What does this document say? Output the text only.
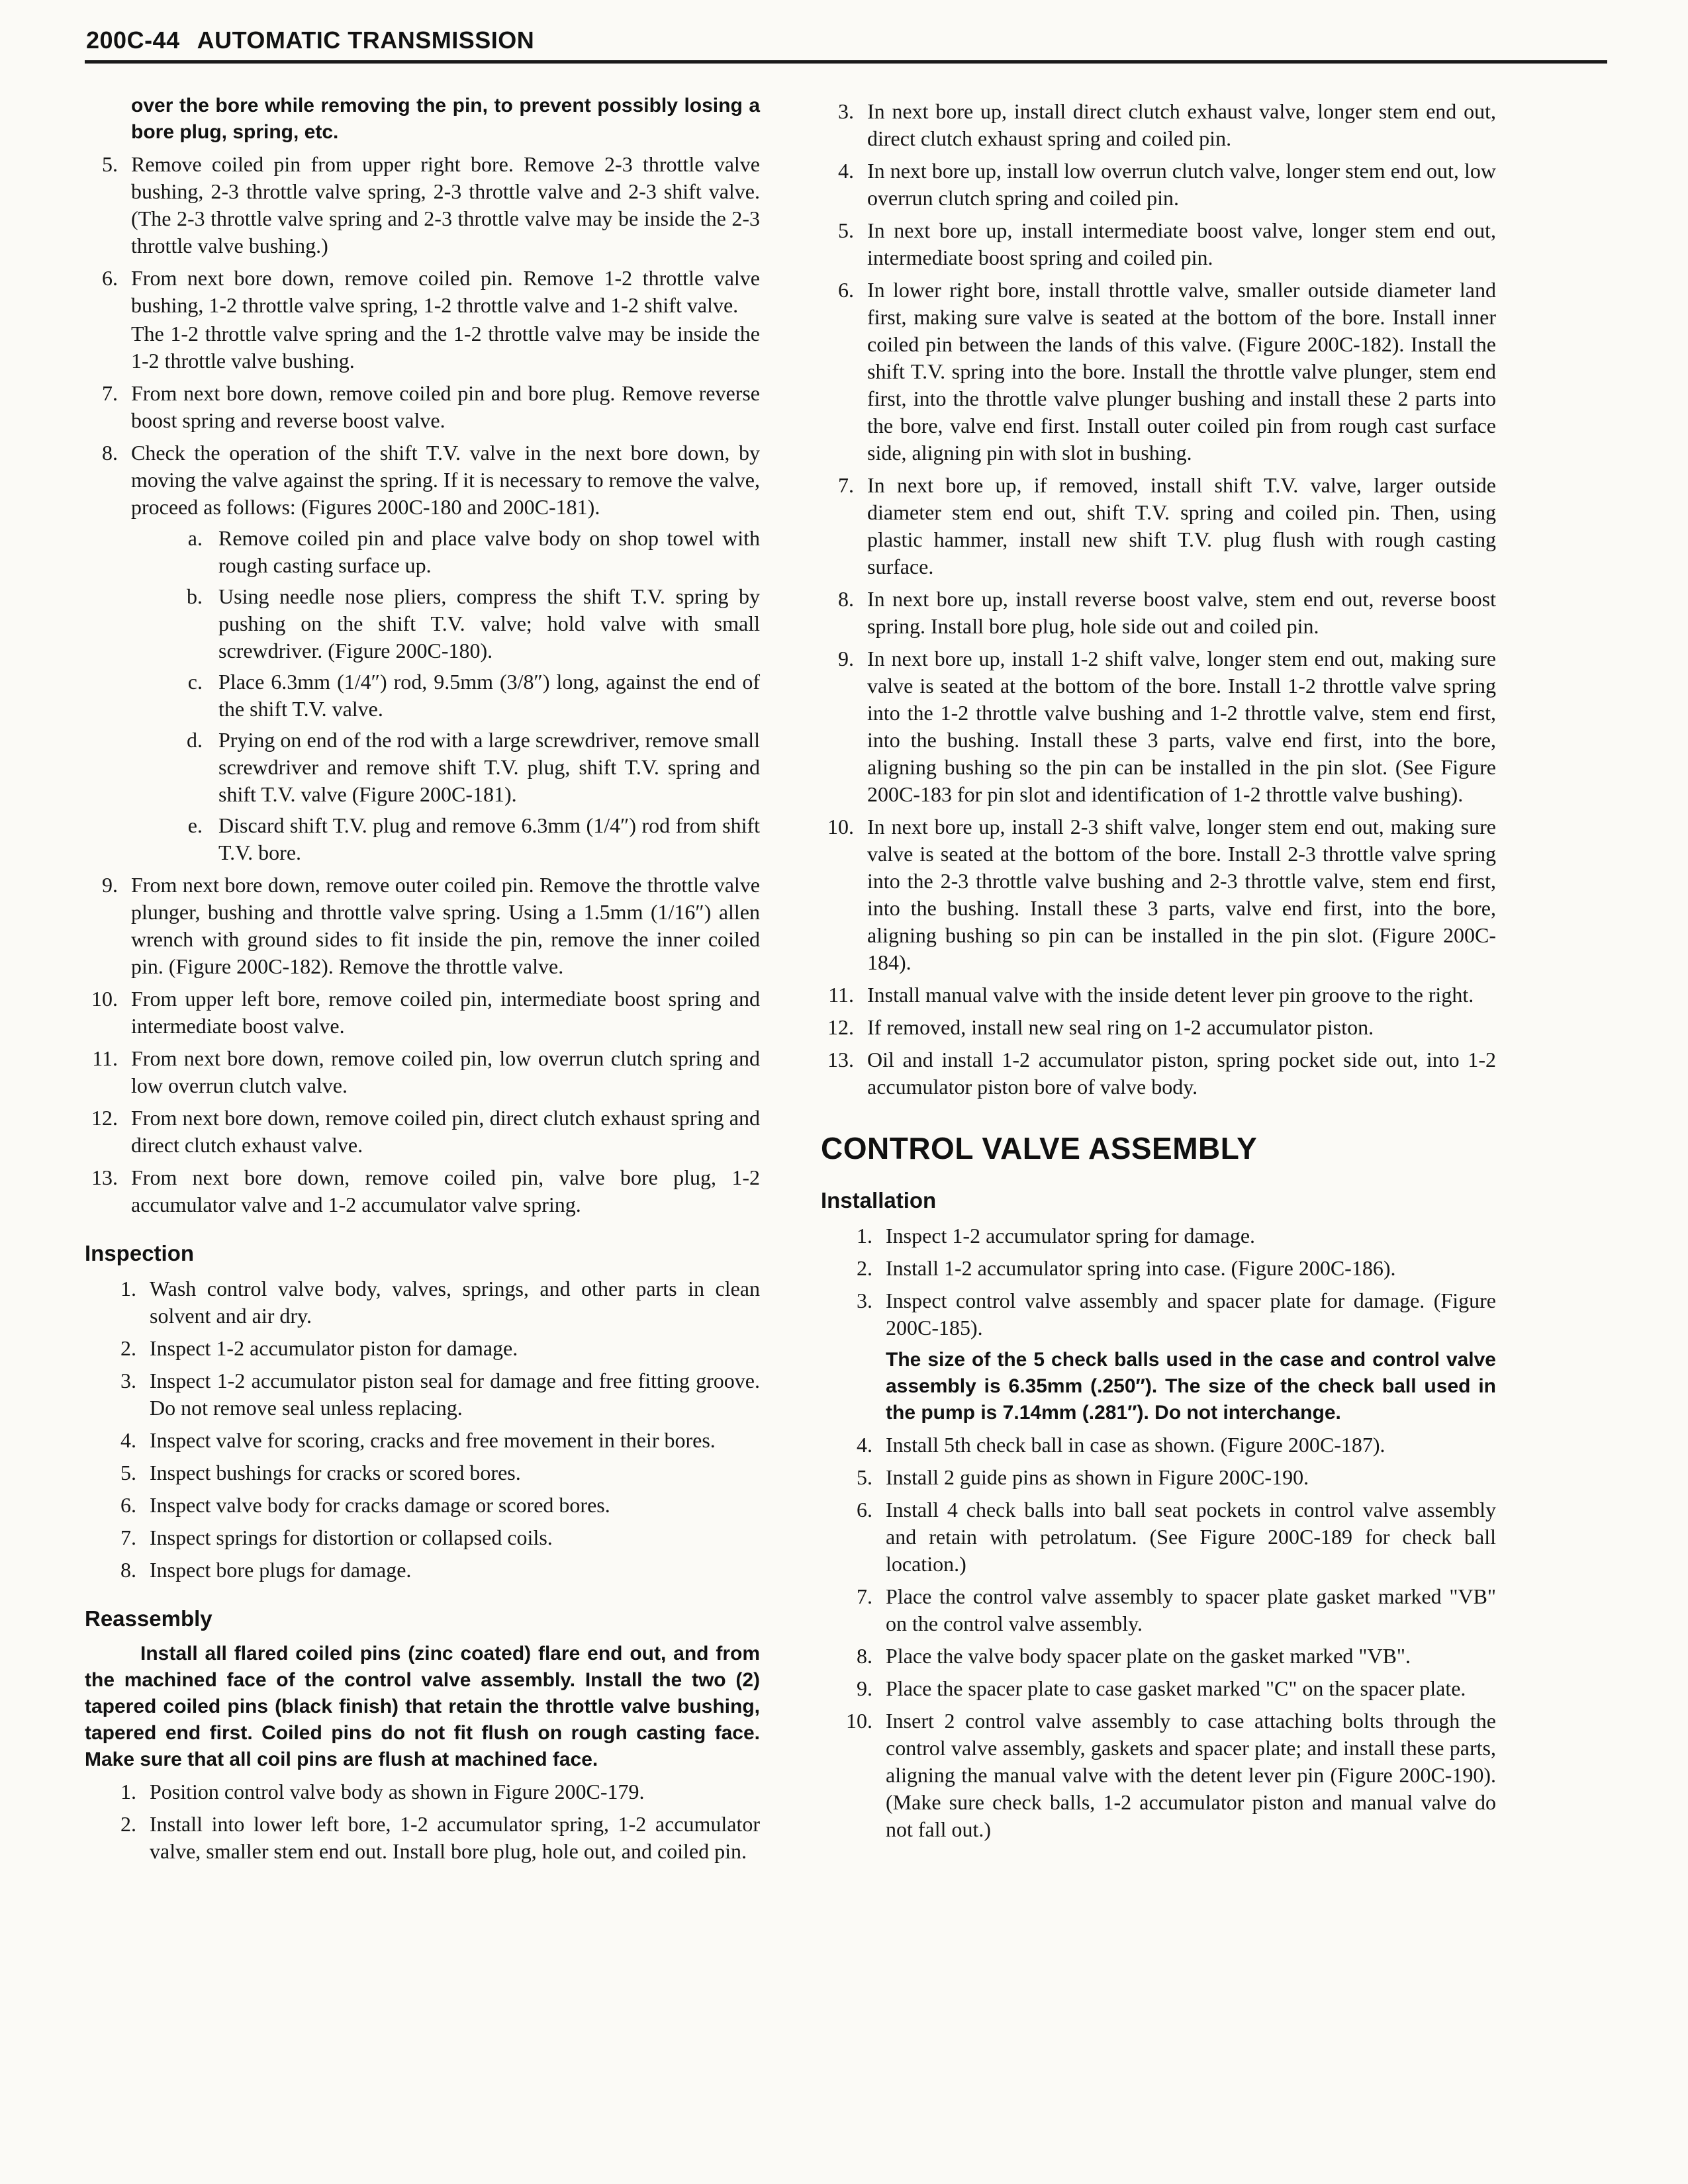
200C-44 AUTOMATIC TRANSMISSION
over the bore while removing the pin, to prevent possibly losing a bore plug, spring, etc.
5. Remove coiled pin from upper right bore. Remove 2-3 throttle valve bushing, 2-3 throttle valve spring, 2-3 throttle valve and 2-3 shift valve.(The 2-3 throttle valve spring and 2-3 throttle valve may be inside the 2-3 throttle valve bushing.)
6. From next bore down, remove coiled pin. Remove 1-2 throttle valve bushing, 1-2 throttle valve spring, 1-2 throttle valve and 1-2 shift valve.
The 1-2 throttle valve spring and the 1-2 throttle valve may be inside the 1-2 throttle valve bushing.
7. From next bore down, remove coiled pin and bore plug. Remove reverse boost spring and reverse boost valve.
8. Check the operation of the shift T.V. valve in the next bore down, by moving the valve against the spring. If it is necessary to remove the valve, proceed as follows: (Figures 200C-180 and 200C-181).
a. Remove coiled pin and place valve body on shop towel with rough casting surface up.
b. Using needle nose pliers, compress the shift T.V. spring by pushing on the shift T.V. valve; hold valve with small screwdriver. (Figure 200C-180).
c. Place 6.3mm (1/4″) rod, 9.5mm (3/8″) long, against the end of the shift T.V. valve.
d. Prying on end of the rod with a large screwdriver, remove small screwdriver and remove shift T.V. plug, shift T.V. spring and shift T.V. valve (Figure 200C-181).
e. Discard shift T.V. plug and remove 6.3mm (1/4″) rod from shift T.V. bore.
9. From next bore down, remove outer coiled pin. Remove the throttle valve plunger, bushing and throttle valve spring. Using a 1.5mm (1/16″) allen wrench with ground sides to fit inside the pin, remove the inner coiled pin. (Figure 200C-182). Remove the throttle valve.
10. From upper left bore, remove coiled pin, intermediate boost spring and intermediate boost valve.
11. From next bore down, remove coiled pin, low overrun clutch spring and low overrun clutch valve.
12. From next bore down, remove coiled pin, direct clutch exhaust spring and direct clutch exhaust valve.
13. From next bore down, remove coiled pin, valve bore plug, 1-2 accumulator valve and 1-2 accumulator valve spring.
Inspection
1. Wash control valve body, valves, springs, and other parts in clean solvent and air dry.
2. Inspect 1-2 accumulator piston for damage.
3. Inspect 1-2 accumulator piston seal for damage and free fitting groove. Do not remove seal unless replacing.
4. Inspect valve for scoring, cracks and free movement in their bores.
5. Inspect bushings for cracks or scored bores.
6. Inspect valve body for cracks damage or scored bores.
7. Inspect springs for distortion or collapsed coils.
8. Inspect bore plugs for damage.
Reassembly
Install all flared coiled pins (zinc coated) flare end out, and from the machined face of the control valve assembly. Install the two (2) tapered coiled pins (black finish) that retain the throttle valve bushing, tapered end first. Coiled pins do not fit flush on rough casting face. Make sure that all coil pins are flush at machined face.
1. Position control valve body as shown in Figure 200C-179.
2. Install into lower left bore, 1-2 accumulator spring, 1-2 accumulator valve, smaller stem end out. Install bore plug, hole out, and coiled pin.
3. In next bore up, install direct clutch exhaust valve, longer stem end out, direct clutch exhaust spring and coiled pin.
4. In next bore up, install low overrun clutch valve, longer stem end out, low overrun clutch spring and coiled pin.
5. In next bore up, install intermediate boost valve, longer stem end out, intermediate boost spring and coiled pin.
6. In lower right bore, install throttle valve, smaller outside diameter land first, making sure valve is seated at the bottom of the bore. Install inner coiled pin between the lands of this valve. (Figure 200C-182). Install the shift T.V. spring into the bore. Install the throttle valve plunger, stem end first, into the throttle valve plunger bushing and install these 2 parts into the bore, valve end first. Install outer coiled pin from rough cast surface side, aligning pin with slot in bushing.
7. In next bore up, if removed, install shift T.V. valve, larger outside diameter stem end out, shift T.V. spring and coiled pin. Then, using plastic hammer, install new shift T.V. plug flush with rough casting surface.
8. In next bore up, install reverse boost valve, stem end out, reverse boost spring. Install bore plug, hole side out and coiled pin.
9. In next bore up, install 1-2 shift valve, longer stem end out, making sure valve is seated at the bottom of the bore. Install 1-2 throttle valve spring into the 1-2 throttle valve bushing and 1-2 throttle valve, stem end first, into the bushing. Install these 3 parts, valve end first, into the bore, aligning bushing so the pin can be installed in the pin slot. (See Figure 200C-183 for pin slot and identification of 1-2 throttle valve bushing).
10. In next bore up, install 2-3 shift valve, longer stem end out, making sure valve is seated at the bottom of the bore. Install 2-3 throttle valve spring into the 2-3 throttle valve bushing and 2-3 throttle valve, stem end first, into the bushing. Install these 3 parts, valve end first, into the bore, aligning bushing so pin can be installed in the pin slot. (Figure 200C-184).
11. Install manual valve with the inside detent lever pin groove to the right.
12. If removed, install new seal ring on 1-2 accumulator piston.
13. Oil and install 1-2 accumulator piston, spring pocket side out, into 1-2 accumulator piston bore of valve body.
CONTROL VALVE ASSEMBLY
Installation
1. Inspect 1-2 accumulator spring for damage.
2. Install 1-2 accumulator spring into case. (Figure 200C-186).
3. Inspect control valve assembly and spacer plate for damage. (Figure 200C-185).
The size of the 5 check balls used in the case and control valve assembly is 6.35mm (.250″). The size of the check ball used in the pump is 7.14mm (.281″). Do not interchange.
4. Install 5th check ball in case as shown. (Figure 200C-187).
5. Install 2 guide pins as shown in Figure 200C-190.
6. Install 4 check balls into ball seat pockets in control valve assembly and retain with petrolatum. (See Figure 200C-189 for check ball location.)
7. Place the control valve assembly to spacer plate gasket marked "VB" on the control valve assembly.
8. Place the valve body spacer plate on the gasket marked "VB".
9. Place the spacer plate to case gasket marked "C" on the spacer plate.
10. Insert 2 control valve assembly to case attaching bolts through the control valve assembly, gaskets and spacer plate; and install these parts, aligning the manual valve with the detent lever pin (Figure 200C-190). (Make sure check balls, 1-2 accumulator piston and manual valve do not fall out.)
